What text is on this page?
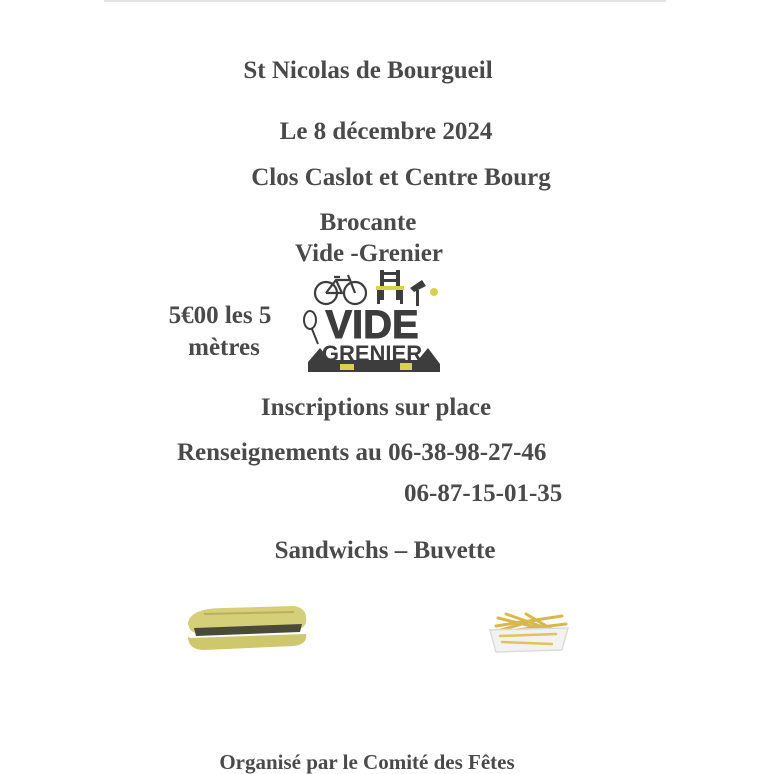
St Nicolas de Bourgueil
Le 8 décembre 2024
Clos Caslot et Centre Bourg
Brocante
Vide -Grenier
5€00 les 5
mètres
VIDE
GRENIER
Inscriptions sur place
Renseignements au 06-38-98-27-46
06-87-15-01-35
Sandwichs – Buvette
Organisé par le Comité des Fêtes
